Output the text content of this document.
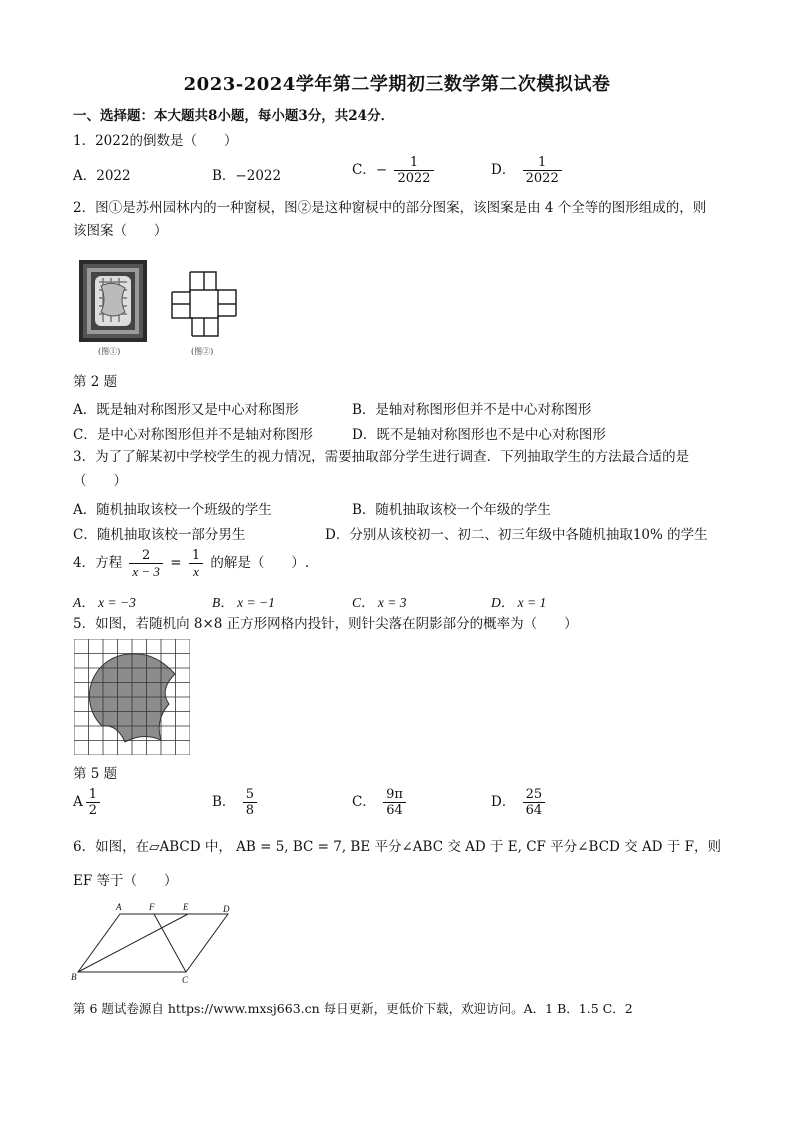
2023-2024学年第二学期初三数学第二次模拟试卷
一、选择题：本大题共8小题，每小题3分，共24分．
1．2022的倒数是（　　）
A．2022	B．−2022	C．− $\frac{1}{2022}$	D． $\frac{1}{2022}$
2．图①是苏州园林内的一种窗棂，图②是这种窗棂中的部分图案，该图案是由 4 个全等的图形组成的，则
该图案（　　）
(图①)	(图②)
第 2 题
A．既是轴对称图形又是中心对称图形	B．是轴对称图形但并不是中心对称图形
C．是中心对称图形但并不是轴对称图形	D．既不是轴对称图形也不是中心对称图形
3．为了了解某初中学校学生的视力情况，需要抽取部分学生进行调查．下列抽取学生的方法最合适的是
（　　）
A．随机抽取该校一个班级的学生	B．随机抽取该校一个年级的学生
C．随机抽取该校一部分男生	D．分别从该校初一、初二、初三年级中各随机抽取10% 的学生
4．方程 $\frac{2}{x - 3} = \frac{1}{x}$ 的解是（　　）.
A． x = −3	B． x = −1	C． x = 3	D． x = 1
5．如图，若随机向 8×8 正方形网格内投针，则针尖落在阴影部分的概率为（　　）
第 5 题
A $\frac{1}{2}$	B． $\frac{5}{8}$	C． $\frac{9\pi}{64}$	D． $\frac{25}{64}$
6．如图，在▱ABCD 中， AB = 5, BC = 7, BE 平分∠ABC 交 AD 于 E, CF 平分∠BCD 交 AD 于 F，则
EF 等于（　　）
A	F	E	D
B	C
第 6 题试卷源自 https://www.mxsj663.cn 每日更新，更低价下载，欢迎访问。A．1 B．1.5 C．2
